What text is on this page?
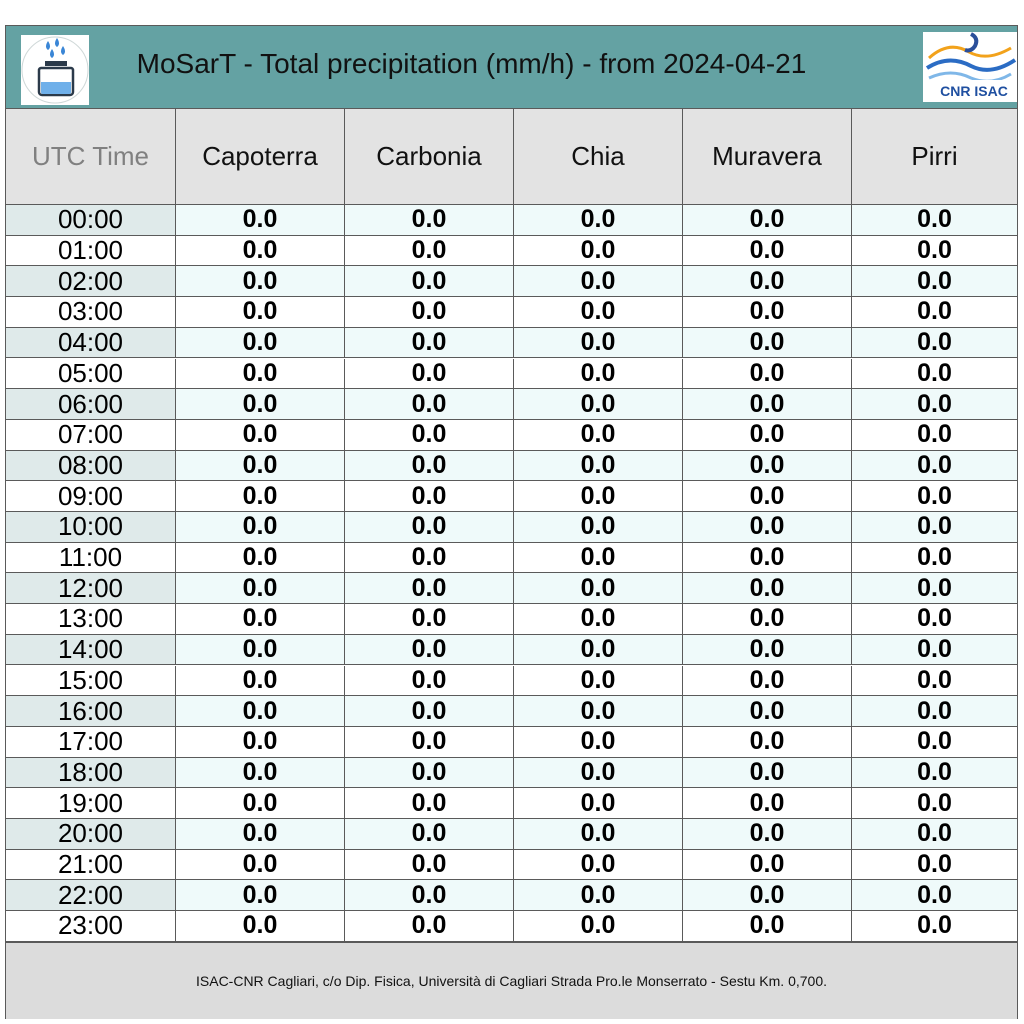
MoSarT - Total precipitation (mm/h) - from 2024-04-21
CNR ISAC
UTC Time	Capoterra	Carbonia	Chia	Muravera	Pirri
00:00	0.0	0.0	0.0	0.0	0.0
01:00	0.0	0.0	0.0	0.0	0.0
02:00	0.0	0.0	0.0	0.0	0.0
03:00	0.0	0.0	0.0	0.0	0.0
04:00	0.0	0.0	0.0	0.0	0.0
05:00	0.0	0.0	0.0	0.0	0.0
06:00	0.0	0.0	0.0	0.0	0.0
07:00	0.0	0.0	0.0	0.0	0.0
08:00	0.0	0.0	0.0	0.0	0.0
09:00	0.0	0.0	0.0	0.0	0.0
10:00	0.0	0.0	0.0	0.0	0.0
11:00	0.0	0.0	0.0	0.0	0.0
12:00	0.0	0.0	0.0	0.0	0.0
13:00	0.0	0.0	0.0	0.0	0.0
14:00	0.0	0.0	0.0	0.0	0.0
15:00	0.0	0.0	0.0	0.0	0.0
16:00	0.0	0.0	0.0	0.0	0.0
17:00	0.0	0.0	0.0	0.0	0.0
18:00	0.0	0.0	0.0	0.0	0.0
19:00	0.0	0.0	0.0	0.0	0.0
20:00	0.0	0.0	0.0	0.0	0.0
21:00	0.0	0.0	0.0	0.0	0.0
22:00	0.0	0.0	0.0	0.0	0.0
23:00	0.0	0.0	0.0	0.0	0.0
ISAC-CNR Cagliari, c/o Dip. Fisica, Università di Cagliari Strada Pro.le Monserrato - Sestu Km. 0,700.
